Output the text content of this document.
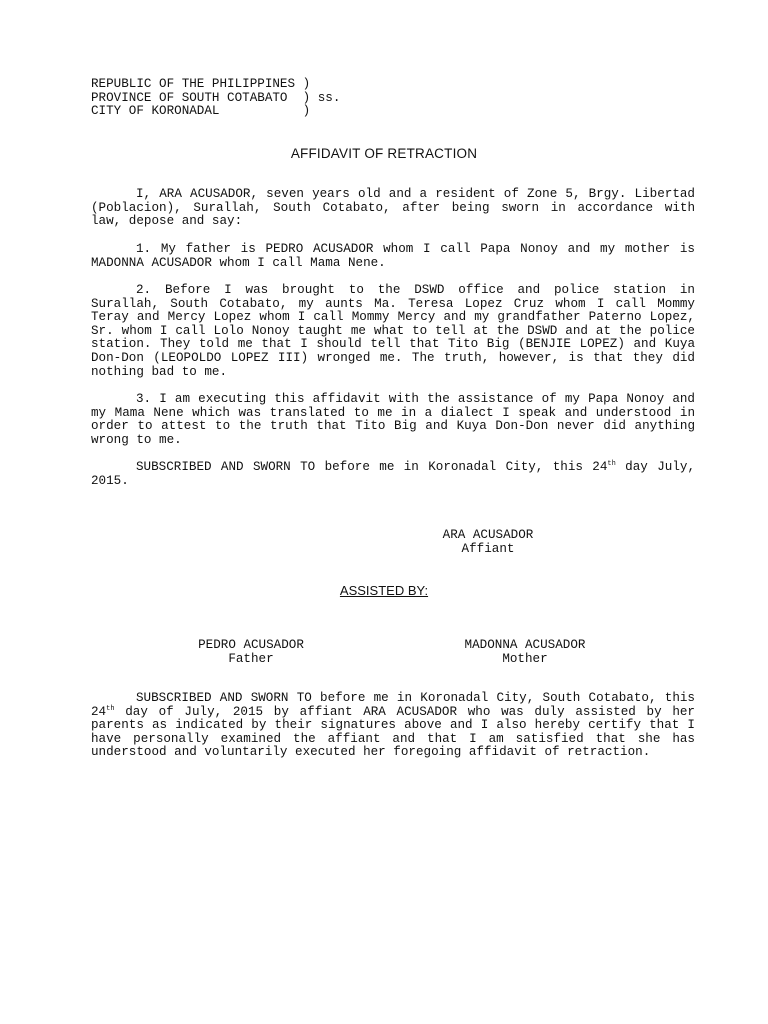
REPUBLIC OF THE PHILIPPINES )
PROVINCE OF SOUTH COTABATO  ) ss.
CITY OF KORONADAL           )
AFFIDAVIT OF RETRACTION

I, ARA ACUSADOR, seven years old and a resident of Zone 5, Brgy. Libertad (Poblacion), Surallah, South Cotabato, after being sworn in accordance with law, depose and say:

1. My father is PEDRO ACUSADOR whom I call Papa Nonoy and my mother is MADONNA ACUSADOR whom I call Mama Nene.

2. Before I was brought to the DSWD office and police station in Surallah, South Cotabato, my aunts Ma. Teresa Lopez Cruz whom I call Mommy Teray and Mercy Lopez whom I call Mommy Mercy and my grandfather Paterno Lopez, Sr. whom I call Lolo Nonoy taught me what to tell at the DSWD and at the police station. They told me that I should tell that Tito Big (BENJIE LOPEZ) and Kuya Don-Don (LEOPOLDO LOPEZ III) wronged me. The truth, however, is that they did nothing bad to me.

3. I am executing this affidavit with the assistance of my Papa Nonoy and my Mama Nene which was translated to me in a dialect I speak and understood in order to attest to the truth that Tito Big and Kuya Don-Don never did anything wrong to me.

SUBSCRIBED AND SWORN TO before me in Koronadal City, this 24th day July, 2015.

ARA ACUSADOR
Affiant
ASSISTED BY:
PEDRO ACUSADOR
Father
MADONNA ACUSADOR
Mother

SUBSCRIBED AND SWORN TO before me in Koronadal City, South Cotabato, this 24th day of July, 2015 by affiant ARA ACUSADOR who was duly assisted by her parents as indicated by their signatures above and I also hereby certify that I have personally examined the affiant and that I am satisfied that she has understood and voluntarily executed her foregoing affidavit of retraction.
